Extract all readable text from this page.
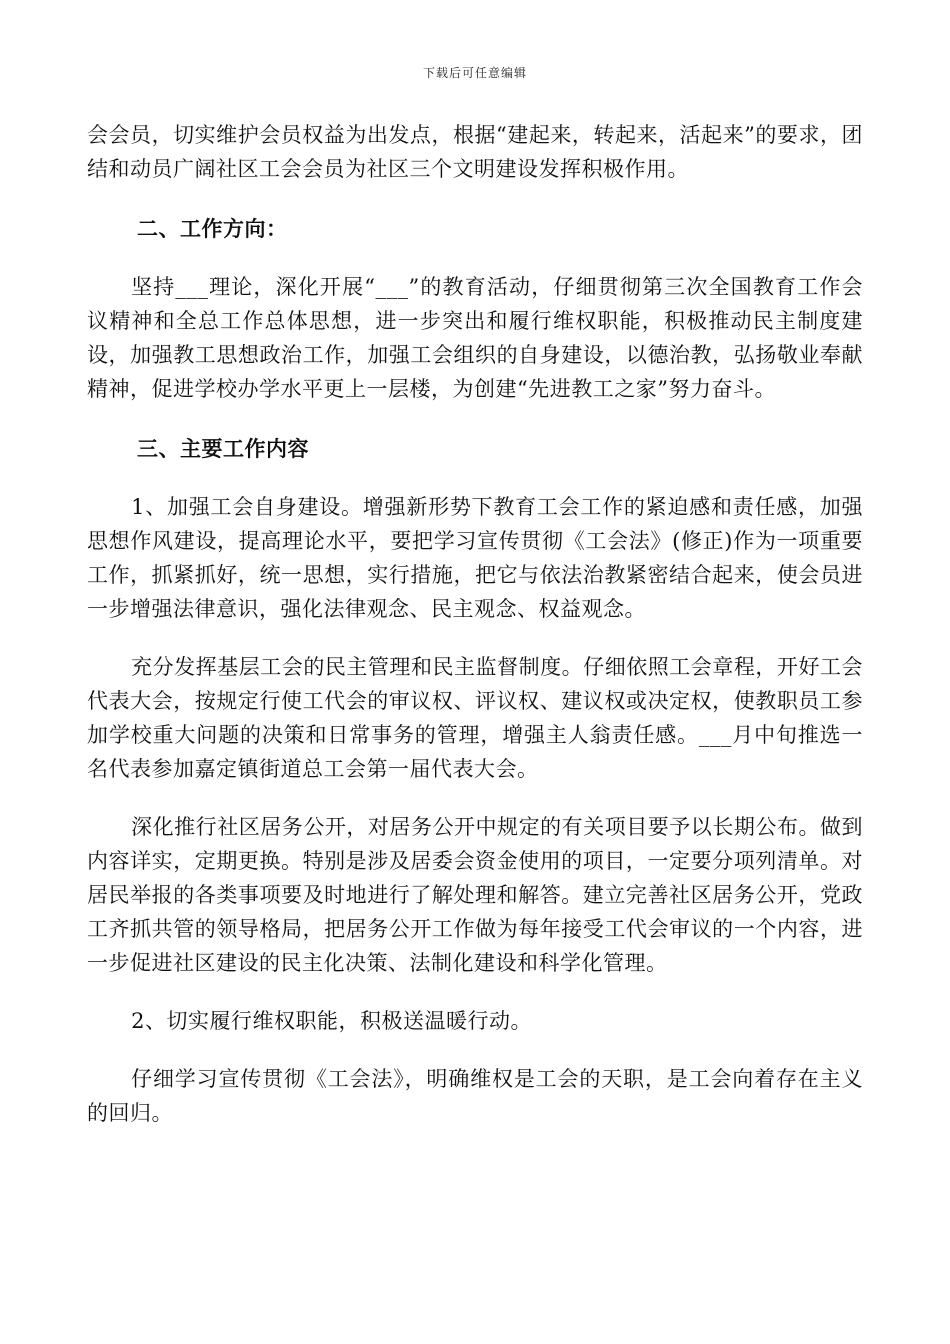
下载后可任意编辑

会会员，切实维护会员权益为出发点，根据“建起来，转起来，活起来”的要求，团结和动员广阔社区工会会员为社区三个文明建设发挥积极作用。

二、工作方向：

坚持___理论，深化开展“___”的教育活动，仔细贯彻第三次全国教育工作会议精神和全总工作总体思想，进一步突出和履行维权职能，积极推动民主制度建设，加强教工思想政治工作，加强工会组织的自身建设，以德治教，弘扬敬业奉献精神，促进学校办学水平更上一层楼，为创建“先进教工之家”努力奋斗。

三、主要工作内容

1、加强工会自身建设。增强新形势下教育工会工作的紧迫感和责任感，加强思想作风建设，提高理论水平，要把学习宣传贯彻《工会法》(修正)作为一项重要工作，抓紧抓好，统一思想，实行措施，把它与依法治教紧密结合起来，使会员进一步增强法律意识，强化法律观念、民主观念、权益观念。

充分发挥基层工会的民主管理和民主监督制度。仔细依照工会章程，开好工会代表大会，按规定行使工代会的审议权、评议权、建议权或决定权，使教职员工参加学校重大问题的决策和日常事务的管理，增强主人翁责任感。___月中旬推选一名代表参加嘉定镇街道总工会第一届代表大会。

深化推行社区居务公开，对居务公开中规定的有关项目要予以长期公布。做到内容详实，定期更换。特别是涉及居委会资金使用的项目，一定要分项列清单。对居民举报的各类事项要及时地进行了解处理和解答。建立完善社区居务公开，党政工齐抓共管的领导格局，把居务公开工作做为每年接受工代会审议的一个内容，进一步促进社区建设的民主化决策、法制化建设和科学化管理。

2、切实履行维权职能，积极送温暖行动。

仔细学习宣传贯彻《工会法》，明确维权是工会的天职，是工会向着存在主义的回归。
